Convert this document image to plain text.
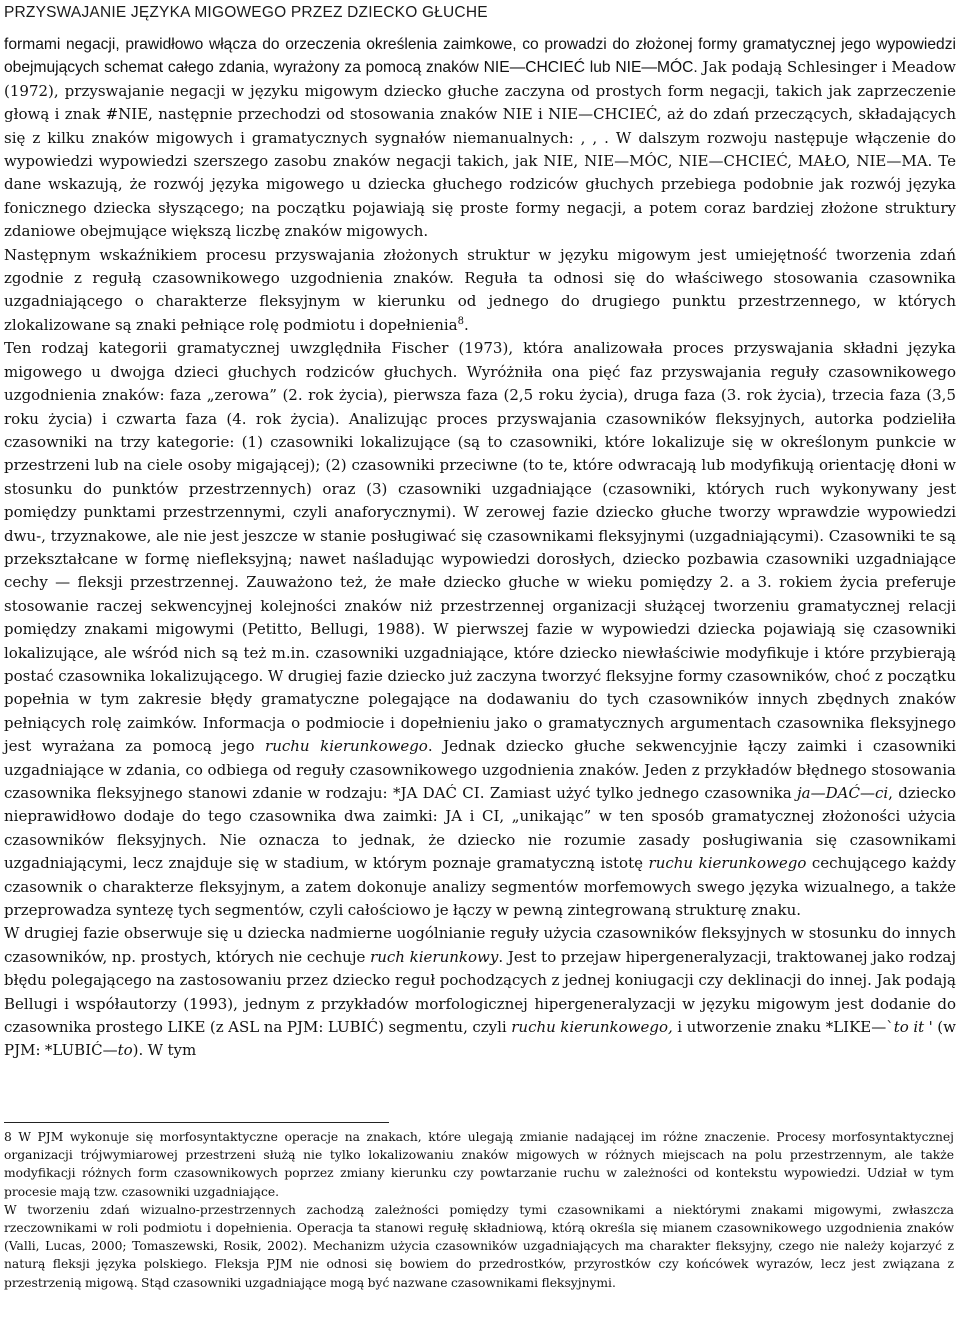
PRZYSWAJANIE JĘZYKA MIGOWEGO PRZEZ DZIECKO GŁUCHE

formami negacji, prawidłowo włącza do orzeczenia określenia zaimkowe, co prowadzi do złożonej formy gramatycznej jego wypowiedzi obejmujących schemat całego zdania, wyrażony za pomocą znaków NIE—CHCIEĆ lub NIE—MÓC. Jak podają Schlesinger i Meadow (1972), przyswajanie negacji w języku migowym dziecko głuche zaczyna od prostych form negacji, takich jak zaprzeczenie głową i znak #NIE, następnie przechodzi od stosowania znaków NIE i NIE—CHCIEĆ, aż do zdań przeczących, składających się z kilku znaków migowych i gramatycznych sygnałów niemanualnych: , , . W dalszym rozwoju następuje włączenie do wypowiedzi wypowiedzi szerszego zasobu znaków negacji takich, jak NIE, NIE—MÓC, NIE—CHCIEĆ, MAŁO, NIE—MA. Te dane wskazują, że rozwój języka migowego u dziecka głuchego rodziców głuchych przebiega podobnie jak rozwój języka fonicznego dziecka słyszącego; na początku pojawiają się proste formy negacji, a potem coraz bardziej złożone struktury zdaniowe obejmujące większą liczbę znaków migowych.

Następnym wskaźnikiem procesu przyswajania złożonych struktur w języku migowym jest umiejętność tworzenia zdań zgodnie z regułą czasownikowego uzgodnienia znaków. Reguła ta odnosi się do właściwego stosowania czasownika uzgadniającego o charakterze fleksyjnym w kierunku od jednego do drugiego punktu przestrzennego, w których zlokalizowane są znaki pełniące rolę podmiotu i dopełnienia$^8$.

Ten rodzaj kategorii gramatycznej uwzględniła Fischer (1973), która analizowała proces przyswajania składni języka migowego u dwojga dzieci głuchych rodziców głuchych. Wyróżniła ona pięć faz przyswajania reguły czasownikowego uzgodnienia znaków: faza „zerowa” (2. rok życia), pierwsza faza (2,5 roku życia), druga faza (3. rok życia), trzecia faza (3,5 roku życia) i czwarta faza (4. rok życia). Analizując proces przyswajania czasowników fleksyjnych, autorka podzieliła czasowniki na trzy kategorie: (1) czasowniki lokalizujące (są to czasowniki, które lokalizuje się w określonym punkcie w przestrzeni lub na ciele osoby migającej); (2) czasowniki przeciwne (to te, które odwracają lub modyfikują orientację dłoni w stosunku do punktów przestrzennych) oraz (3) czasowniki uzgadniające (czasowniki, których ruch wykonywany jest pomiędzy punktami przestrzennymi, czyli anaforycznymi). W zerowej fazie dziecko głuche tworzy wprawdzie wypowiedzi dwu-, trzyznakowe, ale nie jest jeszcze w stanie posługiwać się czasownikami fleksyjnymi (uzgadniającymi). Czasowniki te są przekształcane w formę niefleksyjną; nawet naśladując wypowiedzi dorosłych, dziecko pozbawia czasowniki uzgadniające cechy — fleksji przestrzennej. Zauważono też, że małe dziecko głuche w wieku pomiędzy 2. a 3. rokiem życia preferuje stosowanie raczej sekwencyjnej kolejności znaków niż przestrzennej organizacji służącej tworzeniu gramatycznej relacji pomiędzy znakami migowymi (Petitto, Bellugi, 1988). W pierwszej fazie w wypowiedzi dziecka pojawiają się czasowniki lokalizujące, ale wśród nich są też m.in. czasowniki uzgadniające, które dziecko niewłaściwie modyfikuje i które przybierają postać czasownika lokalizującego. W drugiej fazie dziecko już zaczyna tworzyć fleksyjne formy czasowników, choć z początku popełnia w tym zakresie błędy gramatyczne polegające na dodawaniu do tych czasowników innych zbędnych znaków pełniących rolę zaimków. Informacja o podmiocie i dopełnieniu jako o gramatycznych argumentach czasownika fleksyjnego jest wyrażana za pomocą jego ruchu kierunkowego. Jednak dziecko głuche sekwencyjnie łączy zaimki i czasowniki uzgadniające w zdania, co odbiega od reguły czasownikowego uzgodnienia znaków. Jeden z przykładów błędnego stosowania czasownika fleksyjnego stanowi zdanie w rodzaju: *JA DAĆ CI. Zamiast użyć tylko jednego czasownika ja—DAĆ—ci, dziecko nieprawidłowo dodaje do tego czasownika dwa zaimki: JA i CI, „unikając” w ten sposób gramatycznej złożoności użycia czasowników fleksyjnych. Nie oznacza to jednak, że dziecko nie rozumie zasady posługiwania się czasownikami uzgadniającymi, lecz znajduje się w stadium, w którym poznaje gramatyczną istotę ruchu kierunkowego cechującego każdy czasownik o charakterze fleksyjnym, a zatem dokonuje analizy segmentów morfemowych swego języka wizualnego, a także przeprowadza syntezę tych segmentów, czyli całościowo je łączy w pewną zintegrowaną strukturę znaku.

W drugiej fazie obserwuje się u dziecka nadmierne uogólnianie reguły użycia czasowników fleksyjnych w stosunku do innych czasowników, np. prostych, których nie cechuje ruch kierunkowy. Jest to przejaw hipergeneralyzacji, traktowanej jako rodzaj błędu polegającego na zastosowaniu przez dziecko reguł pochodzących z jednej koniugacji czy deklinacji do innej. Jak podają Bellugi i współautorzy (1993), jednym z przykładów morfologicznej hipergeneralyzacji w języku migowym jest dodanie do czasownika prostego LIKE (z ASL na PJM: LUBIĆ) segmentu, czyli ruchu kierunkowego, i utworzenie znaku *LIKE—`to it ' (w PJM: *LUBIĆ—to). W tym

8 W PJM wykonuje się morfosyntaktyczne operacje na znakach, które ulegają zmianie nadającej im różne znaczenie. Procesy morfosyntaktycznej organizacji trójwymiarowej przestrzeni służą nie tylko lokalizowaniu znaków migowych w różnych miejscach na polu przestrzennym, ale także modyfikacji różnych form czasownikowych poprzez zmiany kierunku czy powtarzanie ruchu w zależności od kontekstu wypowiedzi. Udział w tym procesie mają tzw. czasowniki uzgadniające.

W tworzeniu zdań wizualno-przestrzennych zachodzą zależności pomiędzy tymi czasownikami a niektórymi znakami migowymi, zwłaszcza rzeczownikami w roli podmiotu i dopełnienia. Operacja ta stanowi regułę składniową, którą określa się mianem czasownikowego uzgodnienia znaków (Valli, Lucas, 2000; Tomaszewski, Rosik, 2002). Mechanizm użycia czasowników uzgadniających ma charakter fleksyjny, czego nie należy kojarzyć z naturą fleksji języka polskiego. Fleksja PJM nie odnosi się bowiem do przedrostków, przyrostków czy końcówek wyrazów, lecz jest związana z przestrzenią migową. Stąd czasowniki uzgadniające mogą być nazwane czasownikami fleksyjnymi.
